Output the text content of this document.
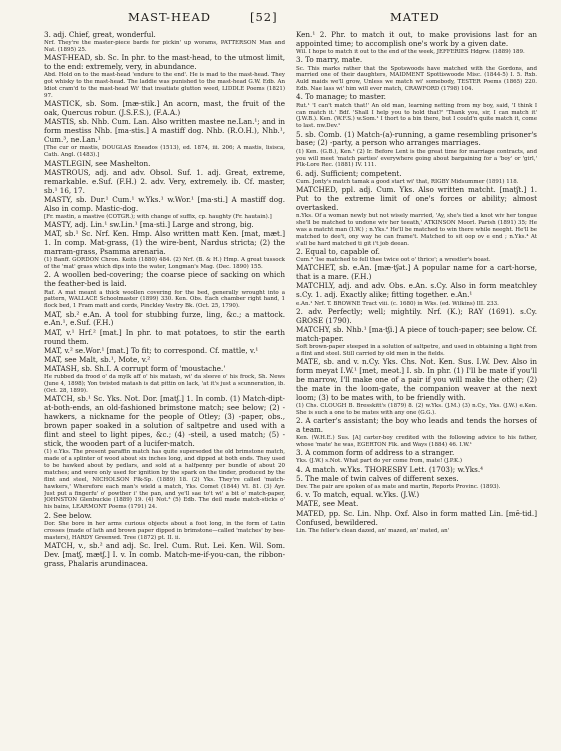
MAST-HEAD	[52]	MATED

3. adj. Chief, great, wonderful.

Nrf. They're the master-piece bards for pickin' up worams, PATTERSON Man and Nat. (1895) 25.

MAST-HEAD, sb. Sc. In phr. to the mast-head, to the utmost limit, to the end: extremely, very, in abundance.

Abd. Hold on to the mast-head 'endure to the end'. He is mad to the mast-head. They got whisky to the mast-head. The laddie was punished to the mast-head G.W. Edb. An Idiot cram'd to the mast-head Wi' that insatiate glutton weed, LIDDLE Poems (1821) 97.

MASTICK, sb. Som. [mæ·stik.] An acorn, mast, the fruit of the oak, Quercus robur. (J.S.F.S.), (F.A.A.)

MASTIS, sb. Nhb. Cum. Lan. Also written mastee ne.Lan.¹; and in form mestiss Nhb. [ma·stis.] A mastiff dog. Nhb. (R.O.H.), Nhb.¹, Cum.³, ne.Lan.¹

[The cur or mastis, DOUGLAS Eneados (1513), ed. 1874, iii. 206; A mastis, lisisca, Cath. Angl. (1483).]

MASTLEGIN, see Mashelton.

MASTROUS, adj. and adv. Obsol. Suf. 1. adj. Great, extreme, remarkable. e.Suf. (F.H.) 2. adv. Very, extremely. ib. Cf. master, sb.¹ 16, 17.

MASTY, sb. Dur.¹ Cum.¹ w.Yks.¹ w.Wor.¹ [ma·sti.] A mastiff dog. Also in comp. Mastic-dog.

[Fr. mastin, a mastive (COTGR.); with change of suffix, cp. haughty (Fr. hautain).]

MASTY, adj. Lin.¹ sw.Lin.¹ [ma·sti.] Large and strong, big.

MAT, sb.¹ Sc. Nrf. Ken. Hmp. Also written matt Ken. [mat, mæt.] 1. In comp. Mat-grass, (1) the wire-bent, Nardus stricta; (2) the marram-grass, Psamma arenaria.

(1) Banff. GORDON Chron. Keith (1880) 484. (2) Nrf. (B. & H.) Hmp. A great tussock of the 'mat' grass which dips into the water, Longman's Mag. (Dec. 1890) 155.

2. A woollen bed-covering; the coarse piece of sacking on which the feather-bed is laid.

Raf. A mat meant a thick woollen covering for the bed, generally wrought into a pattern, WALLACE Schoolmaster (1899) 330. Ken. Obs. Each chamber right hand, 1 flock bed, 1 Fram matt and cords, Pinckley Vestry Bk. (Oct. 25, 1790).

MAT, sb.² e.An. A tool for stubbing furze, ling, &c.; a mattock. e.An.¹, e.Suf. (F.H.)

MAT, v.¹ Hrf.² [mat.] In phr. to mat potatoes, to stir the earth round them.

MAT, v.² se.Wor.¹ [mat.] To fit; to correspond. Cf. mattle, v.¹

MAT, see Malt, sb.¹, Mote, v.²

MATASH, sb. Sh.I. A corrupt form of 'moustache.'

He rubbed da frood o' da mylk aff o' his matash, wi' da sleeve o' his frock, Sh. News (June 4, 1898); Yon twisted matash is dat pittin on lack, 'at it's just a scunneration, ib. (Oct. 28, 1899).

MATCH, sb.¹ Sc. Yks. Not. Dor. [matʃ.] 1. In comb. (1) Match-dipt-at-both-ends, an old-fashioned brimstone match; see below; (2) -hawkers, a nickname for the people of Otley; (3) -paper, obs., brown paper soaked in a solution of saltpetre and used with a flint and steel to light pipes, &c.; (4) -steil, a used match; (5) -stick, the wooden part of a lucifer-match.

(1) e.Yks. The present paraffin match has quite superseded the old brimstone match, made of a splinter of wood about six inches long, and dipped at both ends. They used to be hawked about by pedlars, and sold at a halfpenny per bundle of about 20 matches; and were only used for ignition by the spark on the tinder, produced by the flint and steel, NICHOLSON Flk-Sp. (1889) 18. (2) Yks. They're called 'match-hawkers,' Wherefore each man's wield a match, Yks. Comet (1844) VI. 81. (3) Ayr. Just put a fingerfu' o' powther i' the pan, and ye'll sae to't wi' a bit o' match-paper, JOHNSTON Glenbuckie (1889) 19. (4) Not.³ (5) Edb. The deil made match-sticks o' his bains, LEARMONT Poems (1791) 24.

2. See below.

Dor. She bore in her arms curious objects about a foot long, in the form of Latin crosses (made of lath and brown paper dipped in brimstone—called 'matches' by bee-masters), HARDY Greenwd. Tree (1872) pt. II. ii.

MATCH, v., sb.² and adj. Sc. Irel. Cum. Rut. Lei. Ken. Wil. Som. Dev. [matʃ, mætʃ.] I. v. In comb. Match-me-if-you-can, the ribbon-grass, Phalaris arundinacea.

Ken.¹ 2. Phr. to match it out, to make provisions last for an appointed time; to accomplish one's work by a given date.

Wil. I hope to match it out to the end of the week, JEFFERIES Hdgrw. (1889) 189.

3. To marry, mate.

Sc. This marks rather that the Spotswoods have matched with the Gordons, and married one of their daughters, MAIDMENT Spottiswoode Misc. (1844-5) I. 5. Rxb. Auld maids we'll grow, Unless we match wi' somebody, TESTER Poems (1865) 220. Edb. Nae lass wi' him will ever match, CRAWFORD (1798) 104.

4. To manage; to master.

Rut.¹ 'I can't match that!' An old man, learning netting from my boy, said, 'I think I can match it.' Bdf. 'Shall I help you to hold that?' 'Thank you, sir, I can match it' (J.W.B.). Ken. (W.F.S.) w.Som.¹ I thort to a bin there, but I could'n quite match it, come to last. nw.Dev.¹

5. sb. Comb. (1) Match-(a)-running, a game resembling prisoner's base; (2) -party, a person who arranges marriages.

(1) Ken. (G.B.), Ken.¹ (2) Ir. Before Lent is the great time for marriage contracts, and you will meet 'match parties' everywhere going about bargaining for a 'boy' or 'girl,' Flk-Lore Rec. (1881) IV. 111.

6. adj. Sufficient; competent.

Cum. Jonty's match tamak a good start wi' that, RIGBY Midsummer (1891) 118.

MATCHED, ppl. adj. Cum. Yks. Also written matcht. [matʃt.] 1. Put to the extreme limit of one's forces or ability; almost overtasked.

n.Yks. Of a woman newly but not wisely married, 'Ay, she's tied a knot wiv her tongue she'll be matched to undone wiv her teeath,' ATKINSON Moorl. Parish (1891) 35; He was a matcht man (I.W.) ; n.Yks.² He'll be matched to win there while neeght. He'll be matched to dee't, ony way he can frame't. Matched to sit oop ov e end ; n.Yks.⁴ At s'all be hard matched ti git i't job deean.

2. Equal to, capable of.

Cum.⁴ 'Ise matched to fell thee twice oot o' thrice'; a wrestler's boast.

MATCHET, sb. e.An. [mæ·tʃət.] A popular name for a cart-horse, that is a mare. (F.H.)

MATCHLY, adj. and adv. Obs. e.An. s.Cy. Also in form meatchley s.Cy. 1. adj. Exactly alike; fitting together. e.An.¹

e.An.¹ Nrf. T. BROWNE Tract viii. (c. 1680) in Wks. (ed. Wilkins) III. 233.

2. adv. Perfectly; well; mightily. Nrf. (K.); RAY (1691). s.Cy. GROSE (1790).

MATCHY, sb. Nhb.¹ [ma·tʃi.] A piece of touch-paper; see below. Cf. match-paper.

Soft brown-paper steeped in a solution of saltpetre, and used in obtaining a light from a flint and steel. Still carried by old men in the fields.

MATE, sb. and v. n.Cy. Yks. Chs. Not. Ken. Sus. I.W. Dev. Also in form meyat I.W.¹ [met, meət.] I. sb. In phr. (1) I'll be mate if you'll be marrow, I'll make one of a pair if you will make the other; (2) the mate in the loom-gate, the companion weaver at the next loom; (3) to be mates with, to be friendly with.

(1) Chs. CLOUGH B. Bresskitt's (1879) 8. (2) w.Yks. (J.M.) (3) n.Cy., Yks. (J.W.) e.Ken. She is such a one to be mates with any one (G.G.).

2. A carter's assistant; the boy who leads and tends the horses of a team.

Ken. (W.H.E.) Sus. [A] carter-boy credited with the following advice to his father, whose 'mate' he was, EGERTON Flk. and Ways (1884) 46. I.W.¹

3. A common form of address to a stranger.

Yks. (J.W.) s.Not. What part do yer come from, mate! (J.P.K.)

4. A match. w.Yks. THORESBY Lett. (1703); w.Yks.⁴

5. The male of twin calves of different sexes.

Dev. The pair are spoken of as mate and martin, Reports Provinc. (1893).

6. v. To match, equal. w.Yks. (J.W.)

MATE, see Meat.

MATED, pp. Sc. Lin. Nhp. Oxf. Also in form matted Lin. [mē·tid.] Confused, bewildered.

Lin. The feller's clean dazed, an' mazed, an' mated, an'
